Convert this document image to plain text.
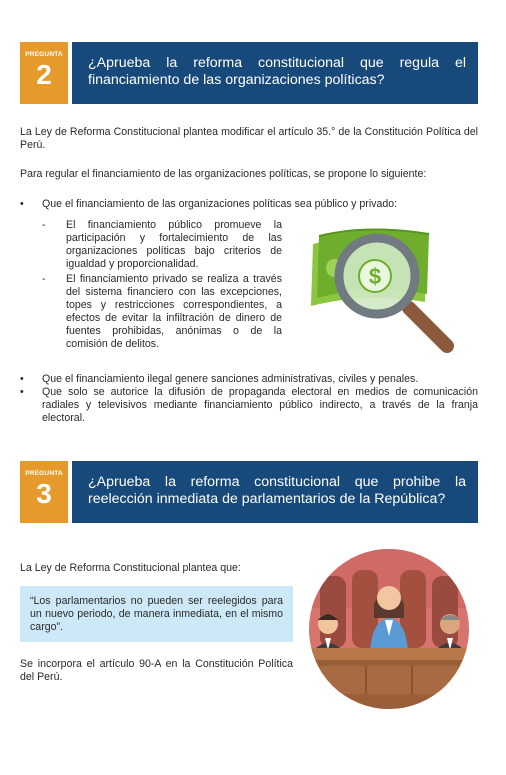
PREGUNTA
2	¿Aprueba la reforma constitucional que regula el financiamiento de las organizaciones políticas?
La Ley de Reforma Constitucional plantea modificar el artículo 35.° de la Constitución Política del Perú.
Para regular el financiamiento de las organizaciones políticas, se propone lo siguiente:
• Que el financiamiento de las organizaciones políticas sea público y privado:
- El financiamiento público promueve la participación y fortalecimiento de las organizaciones políticas bajo criterios de igualdad y proporcionalidad.
- El financiamiento privado se realiza a través del sistema financiero con las excepciones, topes y restricciones correspondientes, a efectos de evitar la infiltración de dinero de fuentes prohibidas, anónimas o de la comisión de delitos.
$
• Que el financiamiento ilegal genere sanciones administrativas, civiles y penales.
• Que solo se autorice la difusión de propaganda electoral en medios de comunicación radiales y televisivos mediante financiamiento público indirecto, a través de la franja electoral.
PREGUNTA
3	¿Aprueba la reforma constitucional que prohibe la reelección inmediata de parlamentarios de la República?
La Ley de Reforma Constitucional plantea que:
“Los parlamentarios no pueden ser reelegidos para un nuevo periodo, de manera inmediata, en el mismo cargo”.
Se incorpora el artículo 90-A en la Constitución Política del Perú.
